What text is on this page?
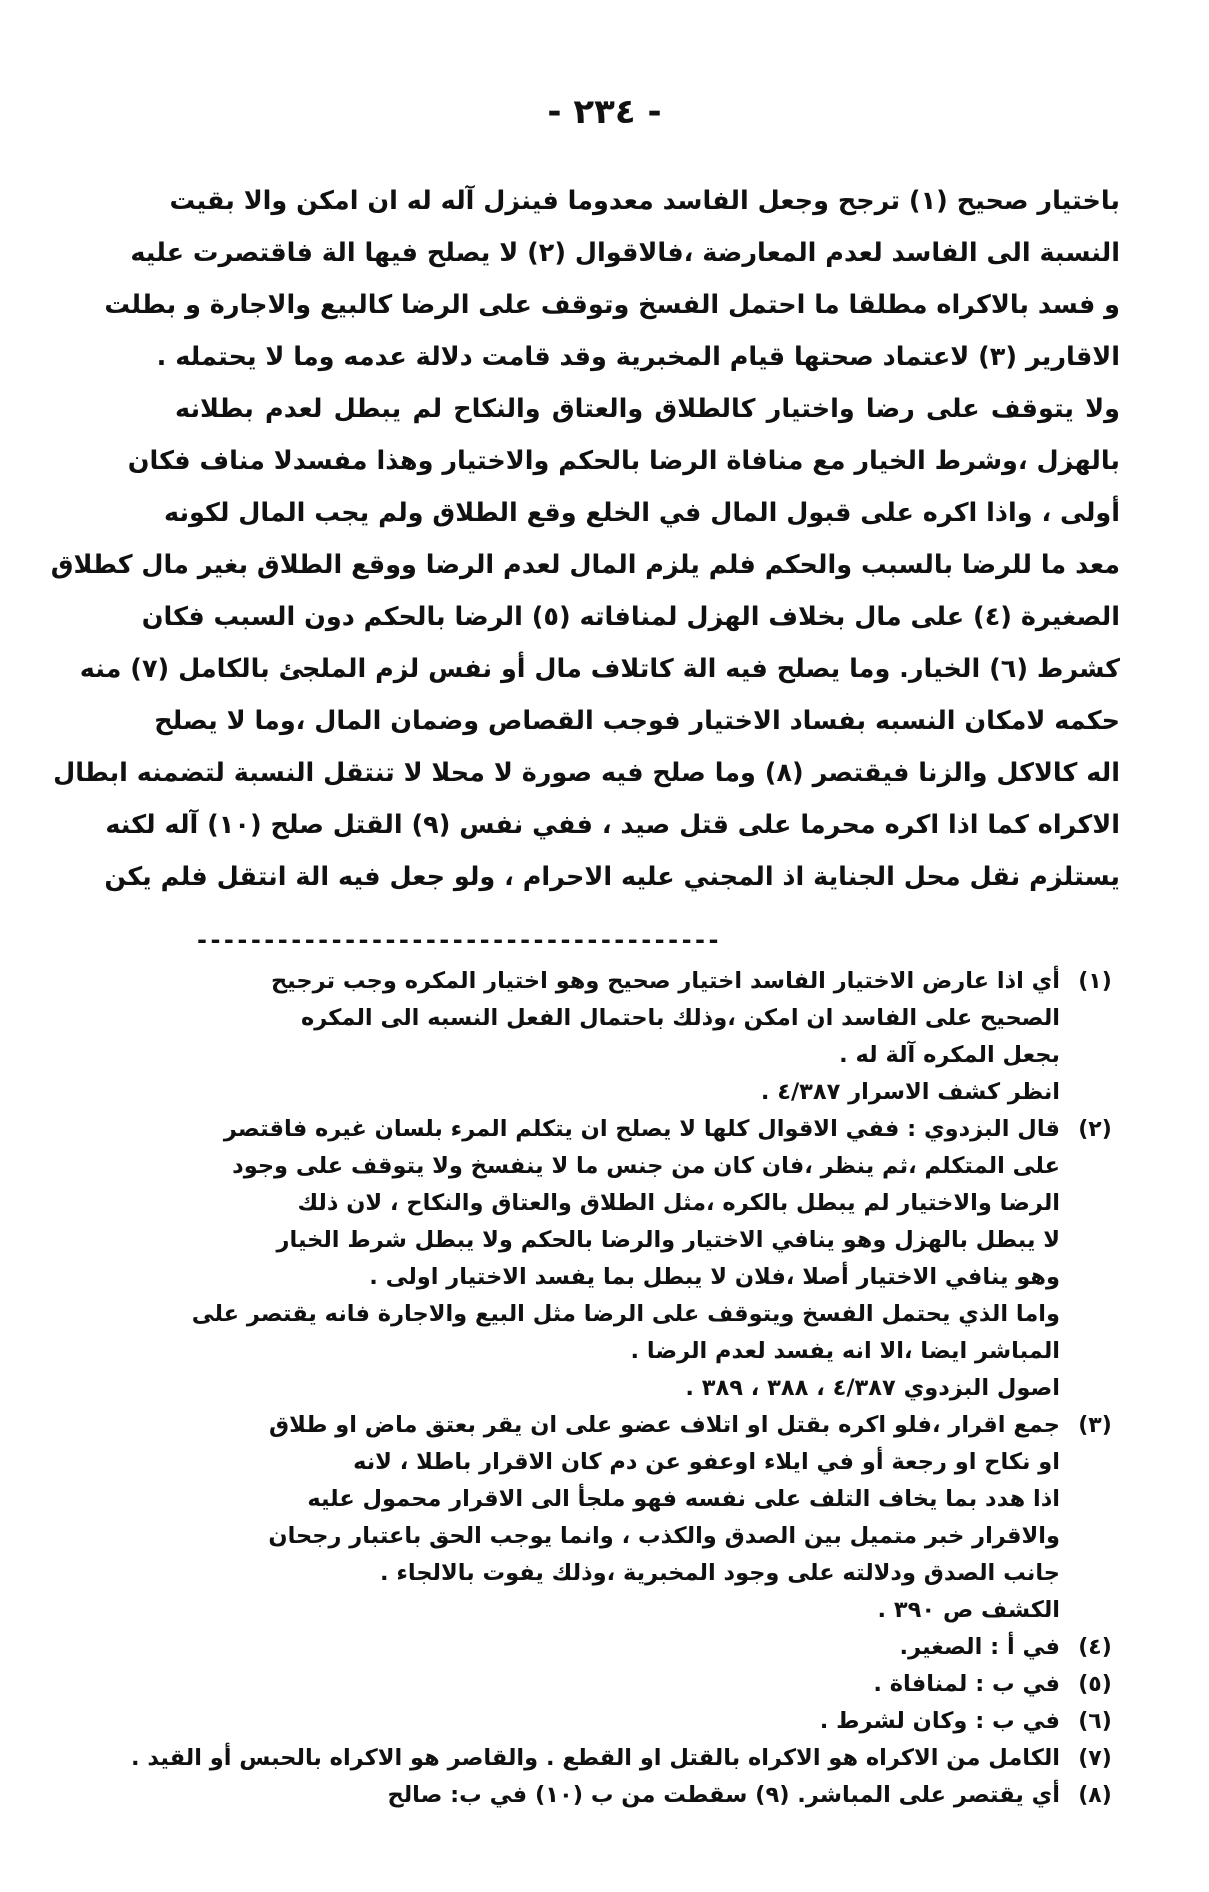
- ٢٣٤ -
باختيار صحيح (١) ترجح وجعل الفاسد معدوما فينزل آله له ان امكن والا بقيت
النسبة الى الفاسد لعدم المعارضة ،فالاقوال (٢) لا يصلح فيها الة فاقتصرت عليه
و فسد بالاكراه مطلقا ما احتمل الفسخ وتوقف على الرضا كالبيع والاجارة و بطلت
الاقارير (٣) لاعتماد صحتها قيام المخبرية وقد قامت دلالة عدمه وما لا يحتمله .
ولا يتوقف على رضا واختيار كالطلاق والعتاق والنكاح لم يبطل لعدم بطلانه
بالهزل ،وشرط الخيار مع منافاة الرضا بالحكم والاختيار وهذا مفسدلا مناف فكان
أولى ، واذا اكره على قبول المال في الخلع وقع الطلاق ولم يجب المال لكونه
معد ما للرضا بالسبب والحكم فلم يلزم المال لعدم الرضا ووقع الطلاق بغير مال كطلاق
الصغيرة (٤) على مال بخلاف الهزل لمنافاته (٥) الرضا بالحكم دون السبب فكان
كشرط (٦) الخيار. وما يصلح فيه الة كاتلاف مال أو نفس لزم الملجئ بالكامل (٧) منه
حكمه لامكان النسبه بفساد الاختيار فوجب القصاص وضمان المال ،وما لا يصلح
اله كالاكل والزنا فيقتصر (٨) وما صلح فيه صورة لا محلا لا تنتقل النسبة لتضمنه ابطال
الاكراه كما اذا اكره محرما على قتل صيد ، ففي نفس (٩) القتل صلح (١٠) آله لكنه
يستلزم نقل محل الجناية اذ المجني عليه الاحرام ، ولو جعل فيه الة انتقل فلم يكن
---------------------------------------
(١)
أي اذا عارض الاختيار الفاسد اختيار صحيح وهو اختيار المكره وجب ترجيح
الصحيح على الفاسد ان امكن ،وذلك باحتمال الفعل النسبه الى المكره
بجعل المكره آلة له .
انظر كشف الاسرار ٤/٣٨٧ .
(٢)
قال البزدوي : ففي الاقوال كلها لا يصلح ان يتكلم المرء بلسان غيره فاقتصر
على المتكلم ،ثم ينظر ،فان كان من جنس ما لا ينفسخ ولا يتوقف على وجود
الرضا والاختيار لم يبطل بالكره ،مثل الطلاق والعتاق والنكاح ، لان ذلك
لا يبطل بالهزل وهو ينافي الاختيار والرضا بالحكم ولا يبطل شرط الخيار
وهو ينافي الاختيار أصلا ،فلان لا يبطل بما يفسد الاختيار اولى .
واما الذي يحتمل الفسخ ويتوقف على الرضا مثل البيع والاجارة فانه يقتصر على
المباشر ايضا ،الا انه يفسد لعدم الرضا .
اصول البزدوي ٤/٣٨٧ ، ٣٨٨ ، ٣٨٩ .
(٣)
جمع اقرار ،فلو اكره بقتل او اتلاف عضو على ان يقر بعتق ماض او طلاق
او نكاح او رجعة أو في ايلاء اوعفو عن دم كان الاقرار باطلا ، لانه
اذا هدد بما يخاف التلف على نفسه فهو ملجأ الى الاقرار محمول عليه
والاقرار خبر متميل بين الصدق والكذب ، وانما يوجب الحق باعتبار رجحان
جانب الصدق ودلالته على وجود المخبرية ،وذلك يفوت بالالجاء .
الكشف ص ٣٩٠ .
(٤)
في أ : الصغير.
(٥)
في ب : لمنافاة .
(٦)
في ب : وكان لشرط .
(٧)
الكامل من الاكراه هو الاكراه بالقتل او القطع . والقاصر هو الاكراه بالحبس أو القيد .
(٨)
أي يقتصر على المباشر. (٩) سقطت من ب (١٠) في ب: صالح
